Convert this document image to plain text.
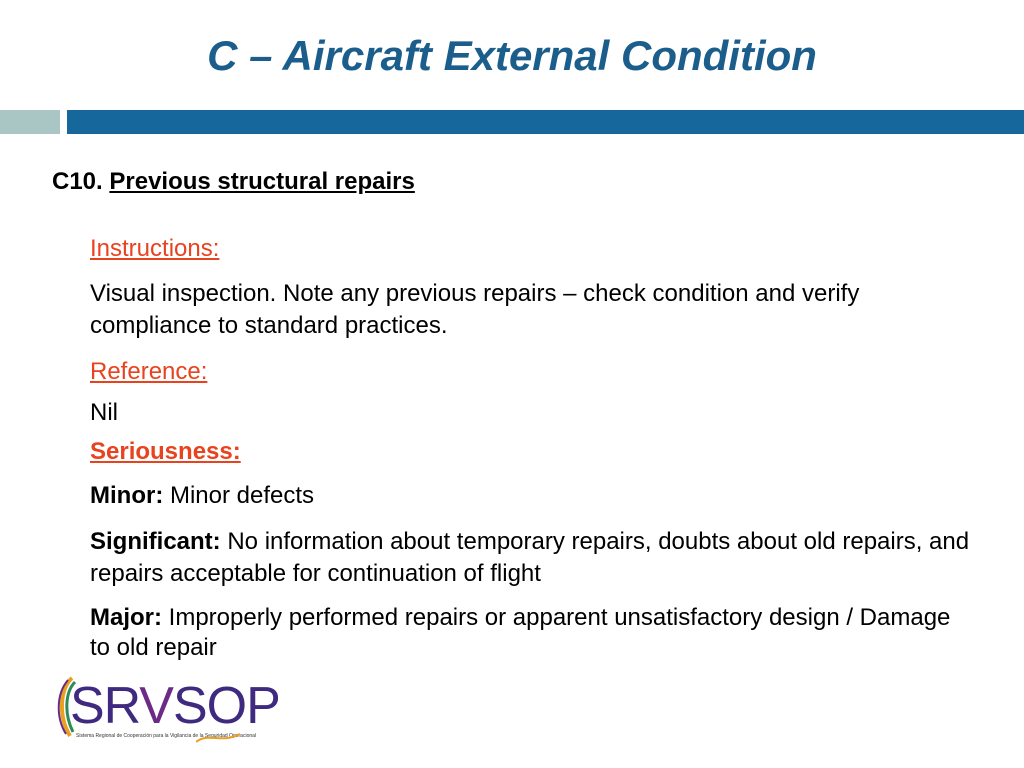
C – Aircraft External Condition
C10. Previous structural repairs

Instructions:

Visual inspection. Note any previous repairs – check condition and verify compliance to standard practices.

Reference:

Nil

Seriousness:

Minor: Minor defects

Significant: No information about temporary repairs, doubts about old repairs, and repairs acceptable for continuation of flight

Major: Improperly performed repairs or apparent unsatisfactory design / Damage to old repair

SRVSOP
Sistema Regional de Cooperación para la Vigilancia de la Seguridad Operacional
